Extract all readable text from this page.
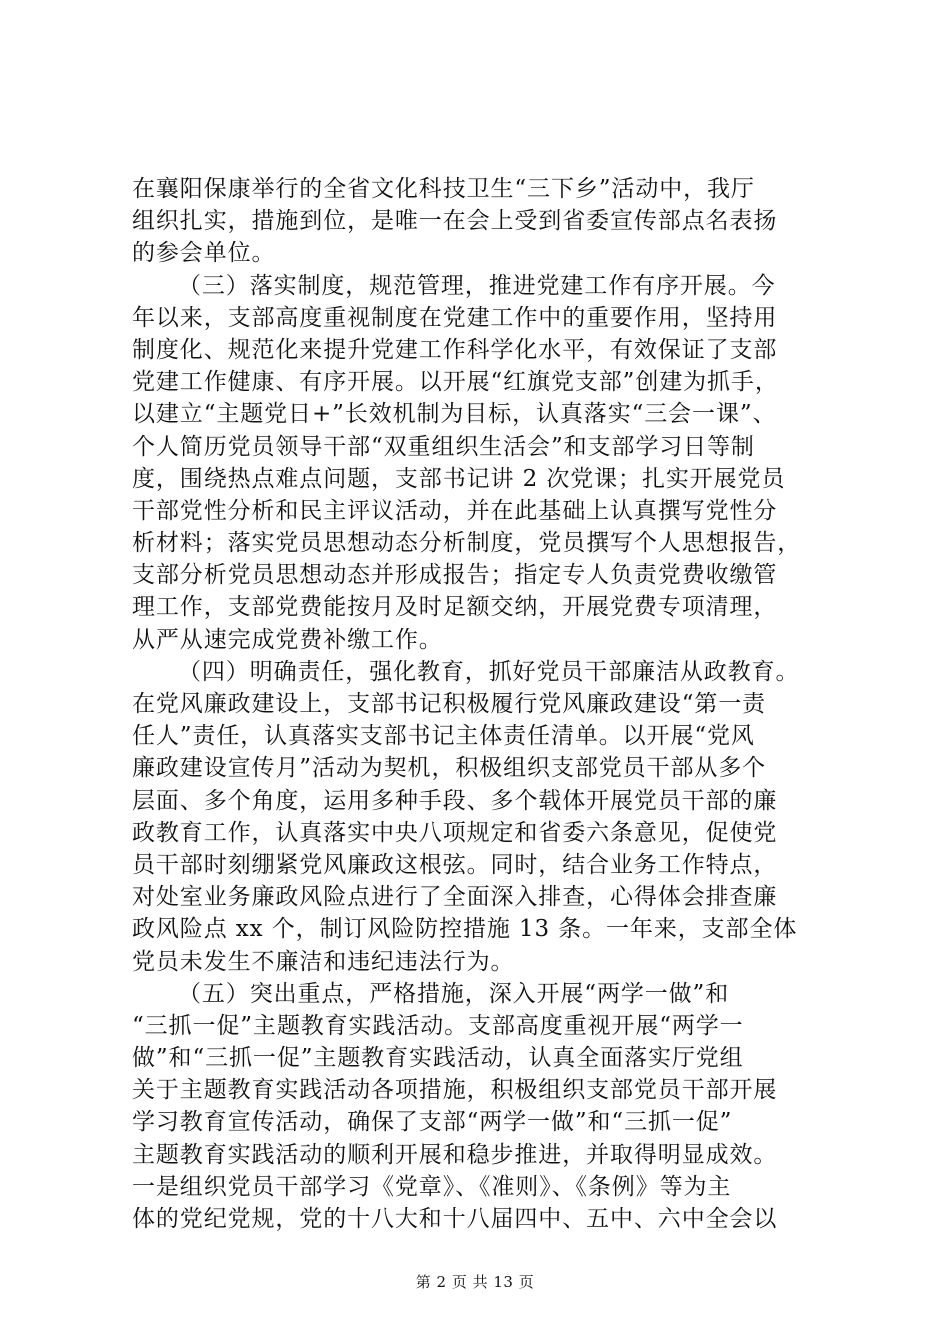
在襄阳保康举行的全省文化科技卫生“三下乡”活动中，我厅
组织扎实，措施到位，是唯一在会上受到省委宣传部点名表扬
的参会单位。
（三）落实制度，规范管理，推进党建工作有序开展。今
年以来，支部高度重视制度在党建工作中的重要作用，坚持用
制度化、规范化来提升党建工作科学化水平，有效保证了支部
党建工作健康、有序开展。以开展“红旗党支部”创建为抓手，
以建立“主题党日+”长效机制为目标，认真落实“三会一课”、
个人简历党员领导干部“双重组织生活会”和支部学习日等制
度，围绕热点难点问题，支部书记讲 2 次党课；扎实开展党员
干部党性分析和民主评议活动，并在此基础上认真撰写党性分
析材料；落实党员思想动态分析制度，党员撰写个人思想报告，
支部分析党员思想动态并形成报告；指定专人负责党费收缴管
理工作，支部党费能按月及时足额交纳，开展党费专项清理，
从严从速完成党费补缴工作。
（四）明确责任，强化教育，抓好党员干部廉洁从政教育。
在党风廉政建设上，支部书记积极履行党风廉政建设“第一责
任人”责任，认真落实支部书记主体责任清单。以开展“党风
廉政建设宣传月”活动为契机，积极组织支部党员干部从多个
层面、多个角度，运用多种手段、多个载体开展党员干部的廉
政教育工作，认真落实中央八项规定和省委六条意见，促使党
员干部时刻绷紧党风廉政这根弦。同时，结合业务工作特点，
对处室业务廉政风险点进行了全面深入排查，心得体会排查廉
政风险点 xx 个，制订风险防控措施 13 条。一年来，支部全体
党员未发生不廉洁和违纪违法行为。
（五）突出重点，严格措施，深入开展“两学一做”和
“三抓一促”主题教育实践活动。支部高度重视开展“两学一
做”和“三抓一促”主题教育实践活动，认真全面落实厅党组
关于主题教育实践活动各项措施，积极组织支部党员干部开展
学习教育宣传活动，确保了支部“两学一做”和“三抓一促”
主题教育实践活动的顺利开展和稳步推进，并取得明显成效。
一是组织党员干部学习《党章》、《准则》、《条例》等为主
体的党纪党规，党的十八大和十八届四中、五中、六中全会以
第 2 页 共 13 页
